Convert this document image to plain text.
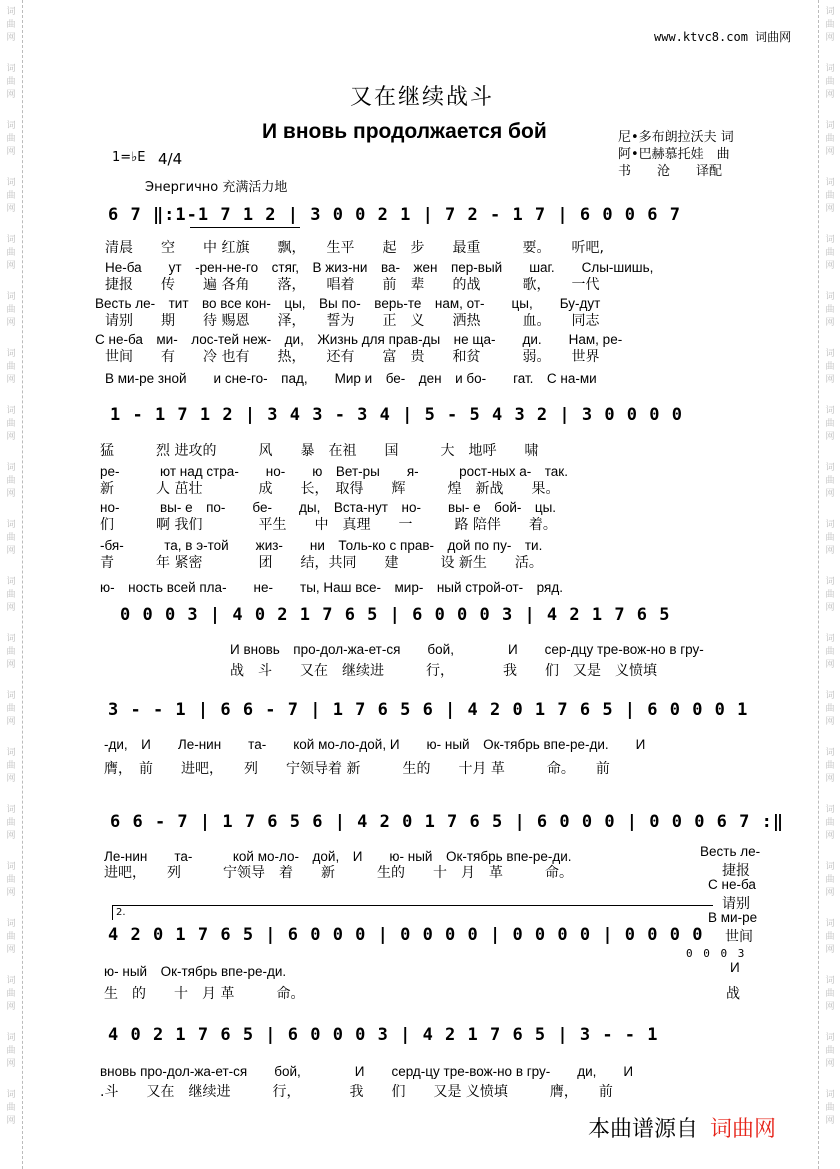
词曲网
词曲网
词曲网
词曲网
词曲网
词曲网
词曲网
词曲网
词曲网
词曲网
词曲网
词曲网
词曲网
词曲网
词曲网
词曲网
词曲网
词曲网
词曲网
词曲网
词曲网
词曲网
词曲网
词曲网
词曲网
词曲网
词曲网
词曲网
词曲网
词曲网
词曲网
词曲网
词曲网
词曲网
词曲网
词曲网
词曲网
词曲网
词曲网
词曲网
www.ktvc8.com 词曲网
又在继续战斗
И вновь продолжается бой	尼•多布朗拉沃夫 词
阿•巴赫慕托娃　曲
书　　沧　　译配
1=♭E 4/4
Энергично 充满活力地
6 7 ‖:1-1 7 1 2 | 3 0 0 2 1 | 7 2 - 1 7 | 6 0 0 6 7
清晨　　空　　中 红旗　　飘，　　生平　　起　步　　最重　　　要。　　听吧,
Не-ба　　ут　-рен-не-го　стяг,　В жиз-ни　ва-　жен　пер-вый　　шаг.　　Слы-шишь,
捷报　　传　　遍 各角　　落，　　唱着　　前　辈　　的战　　　歌，　　一代
Весть ле-　тит　во все кон-　цы,　Вы по-　верь-те　нам, от-　　цы,　　Бу-дут
请别　　期　　待 赐恩　　泽，　　誓为　　正　义　　洒热　　　血。　　同志
С не-ба　ми-　лос-тей неж-　ди,　Жизнь для прав-ды　не ща-　　ди.　　Нам, ре-
世间　　有　　冷 也有　　热，　　还有　　富　贵　　和贫　　　弱。　　世界
В ми-ре зной　　и сне-го-　пад,　　Мир и　бе-　ден　и бо-　　гат.　С на-ми
1 - 1 7 1 2 | 3 4 3 - 3 4 | 5 - 5 4 3 2 | 3 0 0 0 0
猛　　　烈 进攻的　　　风　　暴　在祖　　国　　　大　地呼　　啸
ре-　　　ют над стра-　　но-　　ю　Вет-ры　　я-　　　рост-ных а-　так.
新　　　人 茁壮　　　　成　　长，　取得　　辉　　　煌　新战　　果。
но-　　　вы- е　по-　　бе-　　ды,　Вста-нут　но-　　вы- е　бой-　цы.
们　　　啊 我们　　　　平生　　中　真理　　一　　　路 陪伴　　着。
-бя-　　　та, в э-той　　жиз-　　ни　Толь-ко с прав-　дой по пу-　ти.
青　　　年 紧密　　　　团　　结，共同　　建　　　设 新生　　活。
ю-　ность всей пла-　　не-　　ты, Наш все-　мир-　ный строй-от-　ряд.
0 0 0 3 | 4 0 2 1 7 6 5 | 6 0 0 0 3 | 4 2 1 7 6 5
И вновь　про-дол-жа-ет-ся　　бой,　　　　И　　сер-дцу тре-вож-но в гру-
战　斗　　又在　继续进　　　行，　　　　我　　们　又是　义愤填
3 - - 1 | 6 6 - 7 | 1 7 6 5 6 | 4 2 0 1 7 6 5 | 6 0 0 0 1
-ди,　И　　Ле-нин　　та-　　кой мо-ло-дой, И　　ю- ный　Ок-тябрь впе-ре-ди.　　И
膺，　前　　进吧，　　列　　宁领导着 新　　　生的　　十月 革　　　命。　　前
6 6 - 7 | 1 7 6 5 6 | 4 2 0 1 7 6 5 | 6 0 0 0 | 0 0 0 6 7 :‖
Ле-нин　　та-　　　кой мо-ло-　дой,　И　　ю- ный　Ок-тябрь впе-ре-ди.
进吧，　　列　　　宁领导　着　　新　　　生的　　十　月　革　　　命。
Весть ле-
捷报
С не-ба
请别
В ми-ре
世间
2.
4 2 0 1 7 6 5 | 6 0 0 0 | 0 0 0 0 | 0 0 0 0 | 0 0 0 0
0 0 0 3
ю- ный　Ок-тябрь впе-ре-ди.
生　的　　十　月 革　　　命。
И
战
4 0 2 1 7 6 5 | 6 0 0 0 3 | 4 2 1 7 6 5 | 3 - - 1
вновь про-дол-жа-ет-ся　　бой,　　　　И　　серд-цу тре-вож-но в гру-　　ди,　　И
.斗　　又在　继续进　　　行，　　　　我　　们　　又是 义愤填　　　膺，　　前
本曲谱源自 词曲网
